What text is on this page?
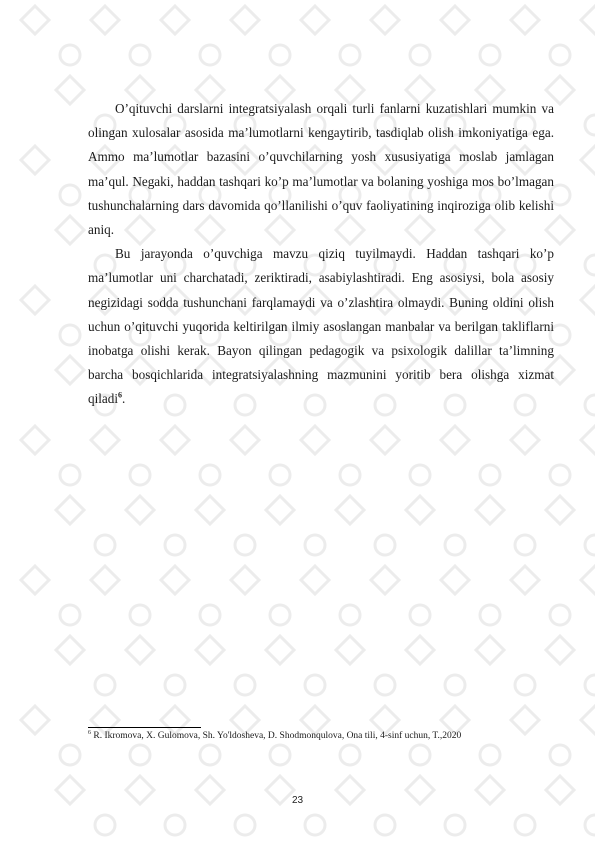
O’qituvchi darslarni integratsiyalash orqali turli fanlarni kuzatishlari mumkin va olingan xulosalar asosida ma’lumotlarni kengaytirib, tasdiqlab olish imkoniyatiga ega. Ammo ma’lumotlar bazasini o’quvchilarning yosh xususiyatiga moslab jamlagan ma’qul. Negaki, haddan tashqari ko’p ma’lumotlar va bolaning yoshiga mos bo’lmagan tushunchalarning dars davomida qo’llanilishi o’quv faoliyatining inqiroziga olib kelishi aniq.

Bu jarayonda o’quvchiga mavzu qiziq tuyilmaydi. Haddan tashqari ko’p ma’lumotlar uni charchatadi, zeriktiradi, asabiylashtiradi. Eng asosiysi, bola asosiy negizidagi sodda tushunchani farqlamaydi va o’zlashtira olmaydi. Buning oldini olish uchun o’qituvchi yuqorida keltirilgan ilmiy asoslangan manbalar va berilgan takliflarni inobatga olishi kerak. Bayon qilingan pedagogik va psixologik dalillar ta’limning barcha bosqichlarida integratsiyalashning mazmunini yoritib bera olishga xizmat qiladi$^6$.

$^6$ R. Ikromova, X. Gulomova, Sh. Yo'ldosheva, D. Shodmonqulova, Ona tili, 4-sinf uchun, T.,2020
23
